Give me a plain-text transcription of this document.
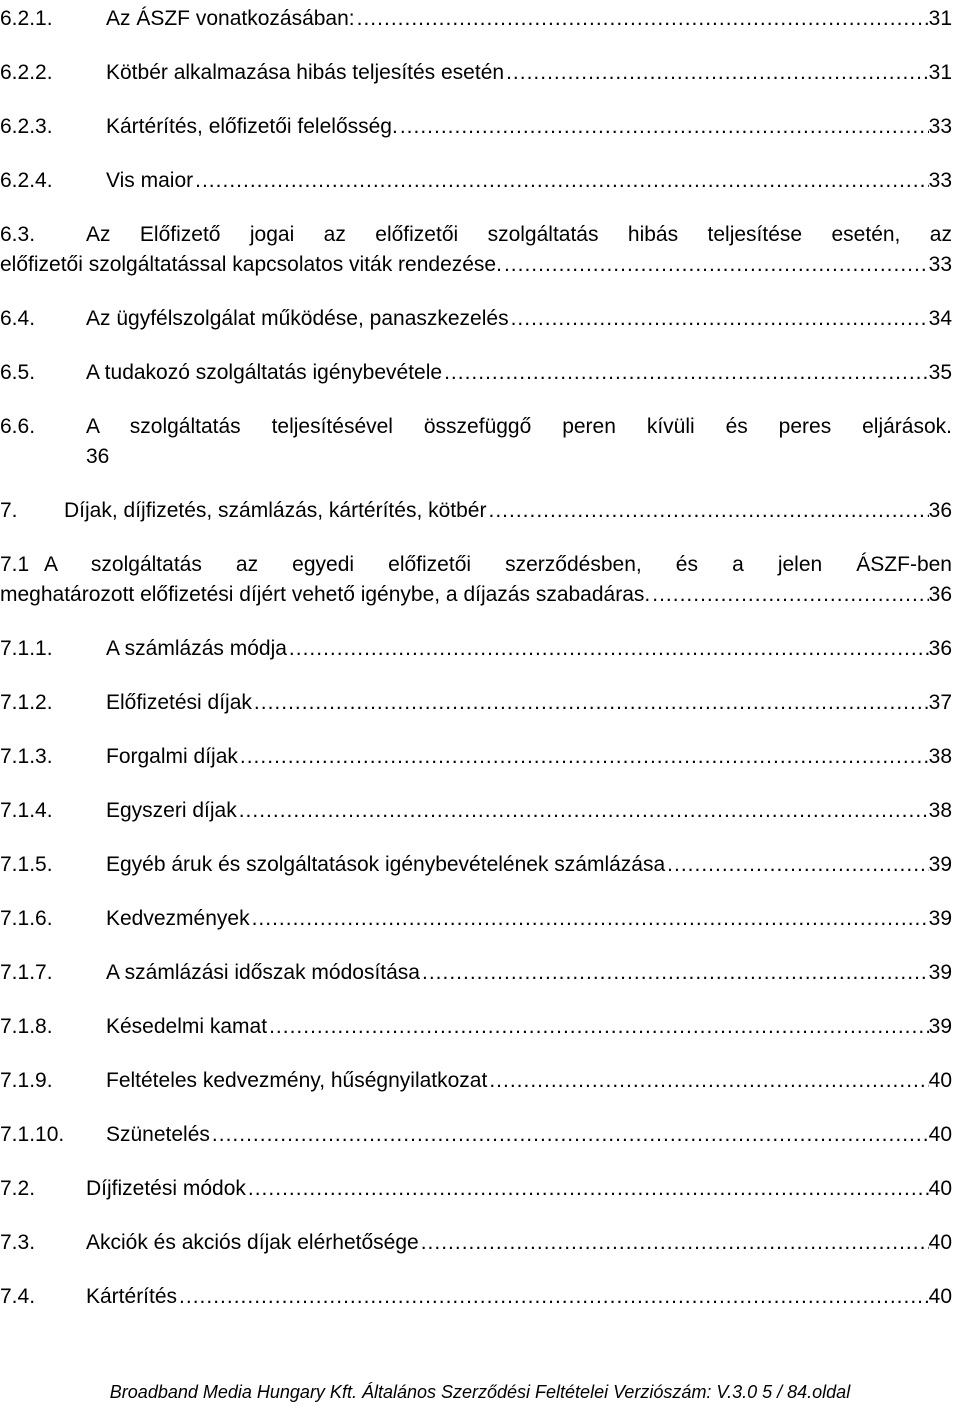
6.2.1.	Az ÁSZF vonatkozásában: .....	31
6.2.2.	Kötbér alkalmazása hibás teljesítés esetén .....	31
6.2.3.	Kártérítés, előfizetői felelősség. .....	33
6.2.4.	Vis maior .....	33
6.3. Az Előfizető jogai az előfizetői szolgáltatás hibás teljesítése esetén, az
előfizetői szolgáltatással kapcsolatos viták rendezése. .....	33
6.4. Az ügyfélszolgálat működése, panaszkezelés .....	34
6.5. A tudakozó szolgáltatás igénybevétele .....	35
6.6. A szolgáltatás teljesítésével összefüggő peren kívüli és peres eljárások.
36
7. Díjak, díjfizetés, számlázás, kártérítés, kötbér .....	36
7.1 A szolgáltatás az egyedi előfizetői szerződésben, és a jelen ÁSZF-ben
meghatározott előfizetési díjért vehető igénybe, a díjazás szabadáras. .....	36
7.1.1.	A számlázás módja .....	36
7.1.2.	Előfizetési díjak .....	37
7.1.3.	Forgalmi díjak .....	38
7.1.4.	Egyszeri díjak .....	38
7.1.5.	Egyéb áruk és szolgáltatások igénybevételének számlázása .....	39
7.1.6.	Kedvezmények .....	39
7.1.7.	A számlázási időszak módosítása .....	39
7.1.8.	Késedelmi kamat .....	39
7.1.9.	Feltételes kedvezmény, hűségnyilatkozat .....	40
7.1.10. Szünetelés .....	40
7.2. Díjfizetési módok .....	40
7.3. Akciók és akciós díjak elérhetősége .....	40
7.4. Kártérítés .....	40
Broadband Media Hungary Kft. Általános Szerződési Feltételei Verziószám: V.3.0 5 / 84.oldal
